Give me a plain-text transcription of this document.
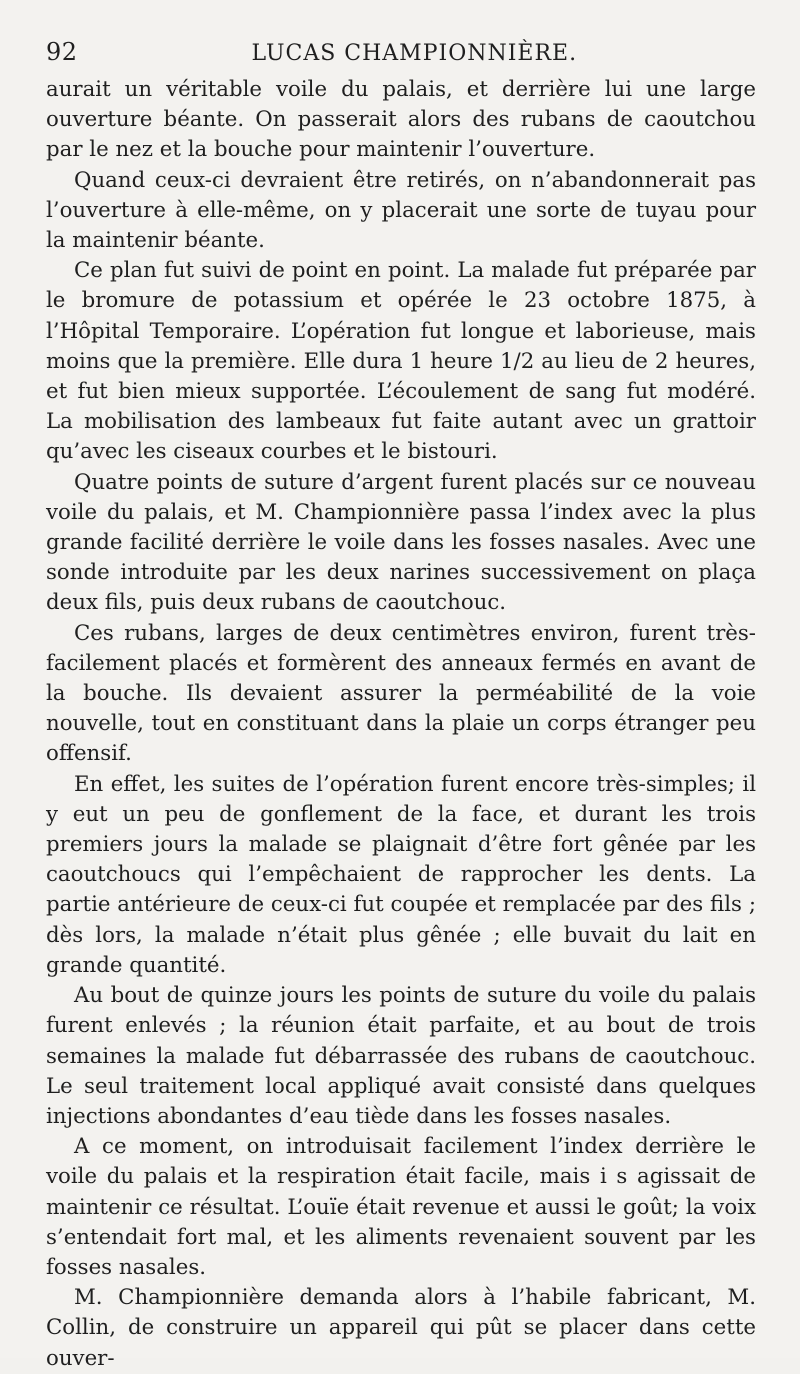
92	LUCAS CHAMPIONNIÈRE.

aurait un véritable voile du palais, et derrière lui une large ouverture béante. On passerait alors des rubans de caoutchou par le nez et la bouche pour maintenir l’ouverture.

Quand ceux-ci devraient être retirés, on n’abandonnerait pas l’ouverture à elle-même, on y placerait une sorte de tuyau pour la maintenir béante.

Ce plan fut suivi de point en point. La malade fut préparée par le bromure de potassium et opérée le 23 octobre 1875, à l’Hôpital Temporaire. L’opération fut longue et laborieuse, mais moins que la première. Elle dura 1 heure 1/2 au lieu de 2 heures, et fut bien mieux supportée. L’écoulement de sang fut modéré. La mobilisation des lambeaux fut faite autant avec un grattoir qu’avec les ciseaux courbes et le bistouri.

Quatre points de suture d’argent furent placés sur ce nouveau voile du palais, et M. Championnière passa l’index avec la plus grande facilité derrière le voile dans les fosses nasales. Avec une sonde introduite par les deux narines successivement on plaça deux fils, puis deux rubans de caoutchouc.

Ces rubans, larges de deux centimètres environ, furent très-facilement placés et formèrent des anneaux fermés en avant de la bouche. Ils devaient assurer la perméabilité de la voie nouvelle, tout en constituant dans la plaie un corps étranger peu offensif.

En effet, les suites de l’opération furent encore très-simples; il y eut un peu de gonflement de la face, et durant les trois premiers jours la malade se plaignait d’être fort gênée par les caoutchoucs qui l’empêchaient de rapprocher les dents. La partie antérieure de ceux-ci fut coupée et remplacée par des fils ; dès lors, la malade n’était plus gênée ; elle buvait du lait en grande quantité.

Au bout de quinze jours les points de suture du voile du palais furent enlevés ; la réunion était parfaite, et au bout de trois semaines la malade fut débarrassée des rubans de caoutchouc. Le seul traitement local appliqué avait consisté dans quelques injections abondantes d’eau tiède dans les fosses nasales.

A ce moment, on introduisait facilement l’index derrière le voile du palais et la respiration était facile, mais i s agissait de maintenir ce résultat. L’ouïe était revenue et aussi le goût; la voix s’entendait fort mal, et les aliments revenaient souvent par les fosses nasales.

M. Championnière demanda alors à l’habile fabricant, M. Collin, de construire un appareil qui pût se placer dans cette ouver-
